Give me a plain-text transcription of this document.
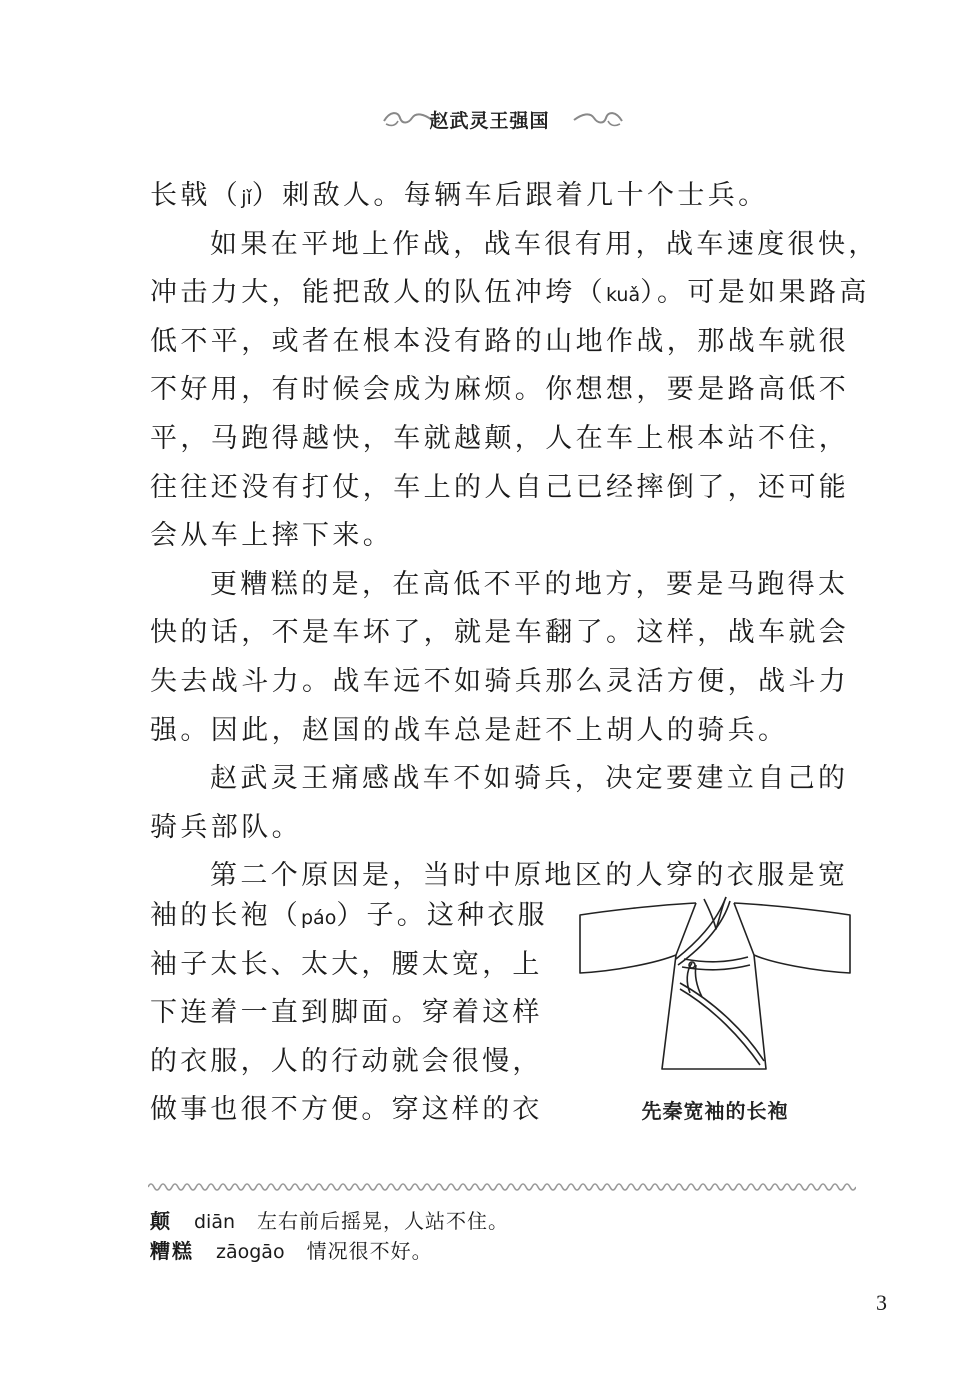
赵武灵王强国
长戟（jǐ）刺敌人。每辆车后跟着几十个士兵。
如果在平地上作战，战车很有用，战车速度很快，
冲击力大，能把敌人的队伍冲垮（kuǎ）。可是如果路高
低不平，或者在根本没有路的山地作战，那战车就很
不好用，有时候会成为麻烦。你想想，要是路高低不
平，马跑得越快，车就越颠，人在车上根本站不住，
往往还没有打仗，车上的人自己已经摔倒了，还可能
会从车上摔下来。
更糟糕的是，在高低不平的地方，要是马跑得太
快的话，不是车坏了，就是车翻了。这样，战车就会
失去战斗力。战车远不如骑兵那么灵活方便，战斗力
强。因此，赵国的战车总是赶不上胡人的骑兵。
赵武灵王痛感战车不如骑兵，决定要建立自己的
骑兵部队。
第二个原因是，当时中原地区的人穿的衣服是宽
袖的长袍（páo）子。这种衣服
袖子太长、太大，腰太宽，上
下连着一直到脚面。穿着这样
的衣服，人的行动就会很慢，
做事也很不方便。穿这样的衣	先秦宽袖的长袍
颠 diān 左右前后摇晃，人站不住。
糟糕 zāogāo 情况很不好。
3
